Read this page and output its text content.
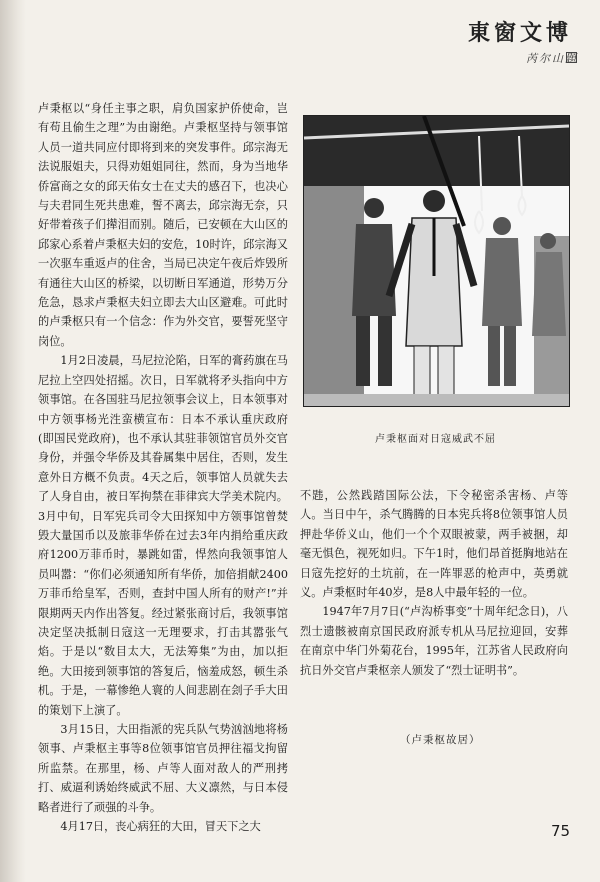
東窗文博
芮尔山題

卢秉枢以“身任主事之职，肩负国家护侨使命，岂有苟且偷生之理”为由谢绝。卢秉枢坚持与领事馆人员一道共同应付即将到来的突发事件。邱宗海无法说服姐夫，只得劝姐姐同往，然而，身为当地华侨富商之女的邱天佑女士在丈夫的感召下，也决心与夫君同生死共患难，誓不离去，邱宗海无奈，只好带着孩子们撵泪而别。随后，已安顿在大山区的邱家心系着卢秉枢夫妇的安危，10时许，邱宗海又一次驱车重返卢的住舍，当局已决定午夜后炸毁所有通往大山区的桥梁，以切断日军通道，形势万分危急，恳求卢秉枢夫妇立即去大山区避难。可此时的卢秉枢只有一个信念：作为外交官，要誓死坚守岗位。

1月2日凌晨，马尼拉沦陷，日军的膏药旗在马尼拉上空四处招摇。次日，日军就将矛头指向中方领事馆。在各国驻马尼拉领事会议上，日本领事对中方领事杨光泩蛮横宣布：日本不承认重庆政府(即国民党政府)，也不承认其驻菲领馆官员外交官身份，并强令华侨及其眷属集中居住，否则，发生意外日方概不负责。4天之后，领事馆人员就失去了人身自由，被日军拘禁在菲律宾大学美术院内。3月中旬，日军宪兵司令大田探知中方领事馆曾焚毁大量国币以及旅菲华侨在过去3年内捐给重庆政府1200万菲币时，暴跳如雷，悍然向我领事馆人员叫嚣：“你们必须通知所有华侨，加倍捐献2400万菲币给皇军，否则，查封中国人所有的财产!”并限期两天内作出答复。经过紧张商讨后，我领事馆决定坚决抵制日寇这一无理要求，打击其嚣张气焰。于是以“数目太大，无法筹集”为由，加以拒绝。大田接到领事馆的答复后，恼羞成怒，顿生杀机。于是，一幕惨绝人寰的人间悲剧在刽子手大田的策划下上演了。

3月15日，大田指派的宪兵队气势汹汹地将杨领事、卢秉枢主事等8位领事馆官员押往福戈拘留所监禁。在那里，杨、卢等人面对敌人的严刑拷打、威逼利诱始终威武不屈、大义凛然，与日本侵略者进行了顽强的斗争。

4月17日，丧心病狂的大田，冒天下之大

卢秉枢面对日寇威武不屈

不韪，公然践踏国际公法，下令秘密杀害杨、卢等人。当日中午，杀气腾腾的日本宪兵将8位领事馆人员押赴华侨义山，他们一个个双眼被蒙，两手被捆，却毫无惧色，视死如归。下午1时，他们昂首挺胸地站在日寇先挖好的土坑前，在一阵罪恶的枪声中，英勇就义。卢秉枢时年40岁，是8人中最年轻的一位。

1947年7月7日(“卢沟桥事变”十周年纪念日)，八烈士遗骸被南京国民政府派专机从马尼拉迎回，安葬在南京中华门外菊花台，1995年，江苏省人民政府向抗日外交官卢秉枢亲人颁发了“烈士证明书”。

（卢秉枢故居）
75
